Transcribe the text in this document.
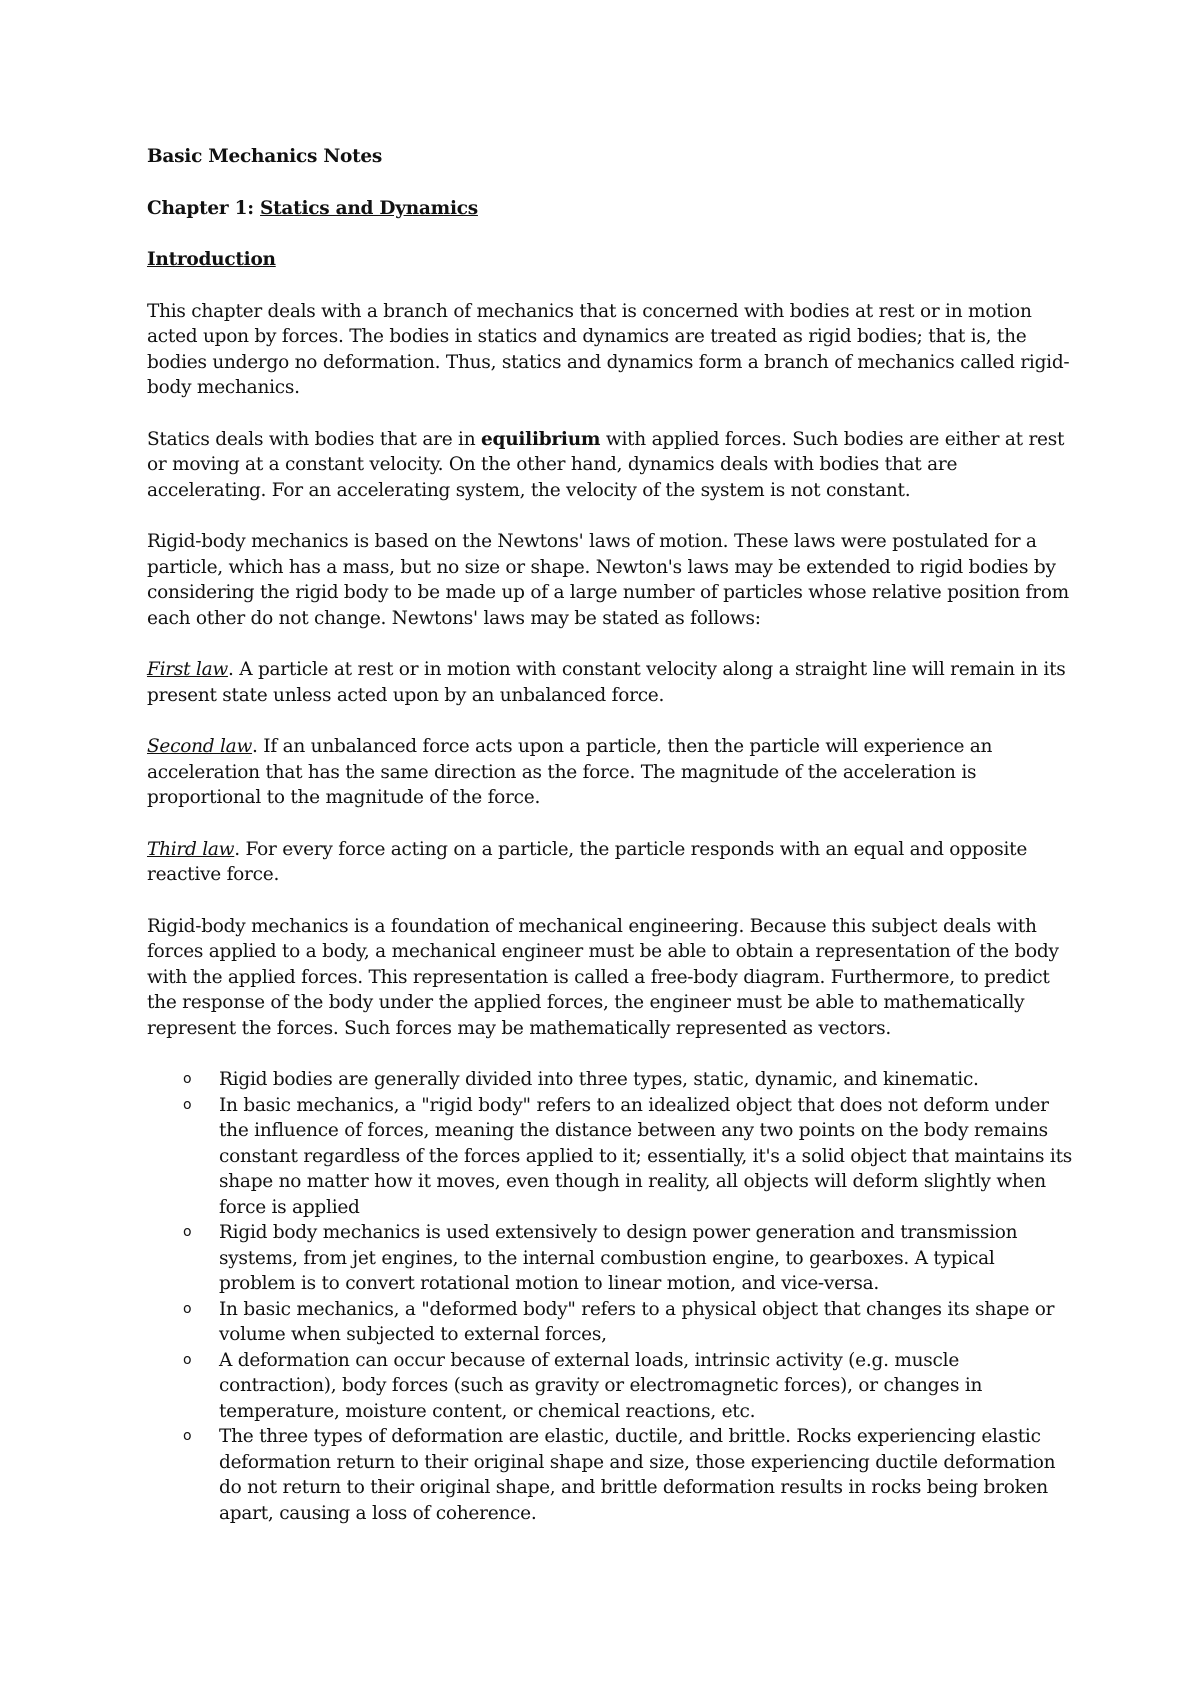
Basic Mechanics Notes
Chapter 1: Statics and Dynamics
Introduction

This chapter deals with a branch of mechanics that is concerned with bodies at rest or in motion acted upon by forces. The bodies in statics and dynamics are treated as rigid bodies; that is, the bodies undergo no deformation. Thus, statics and dynamics form a branch of mechanics called rigid-body mechanics.

Statics deals with bodies that are in equilibrium with applied forces. Such bodies are either at rest or moving at a constant velocity. On the other hand, dynamics deals with bodies that are accelerating. For an accelerating system, the velocity of the system is not constant.

Rigid-body mechanics is based on the Newtons' laws of motion. These laws were postulated for a particle, which has a mass, but no size or shape. Newton's laws may be extended to rigid bodies by considering the rigid body to be made up of a large number of particles whose relative position from each other do not change. Newtons' laws may be stated as follows:

First law. A particle at rest or in motion with constant velocity along a straight line will remain in its present state unless acted upon by an unbalanced force.

Second law. If an unbalanced force acts upon a particle, then the particle will experience an acceleration that has the same direction as the force. The magnitude of the acceleration is proportional to the magnitude of the force.

Third law. For every force acting on a particle, the particle responds with an equal and opposite reactive force.

Rigid-body mechanics is a foundation of mechanical engineering. Because this subject deals with forces applied to a body, a mechanical engineer must be able to obtain a representation of the body with the applied forces. This representation is called a free-body diagram. Furthermore, to predict the response of the body under the applied forces, the engineer must be able to mathematically represent the forces. Such forces may be mathematically represented as vectors.

o Rigid bodies are generally divided into three types, static, dynamic, and kinematic.
o In basic mechanics, a "rigid body" refers to an idealized object that does not deform under the influence of forces, meaning the distance between any two points on the body remains constant regardless of the forces applied to it; essentially, it's a solid object that maintains its shape no matter how it moves, even though in reality, all objects will deform slightly when force is applied
o Rigid body mechanics is used extensively to design power generation and transmission systems, from jet engines, to the internal combustion engine, to gearboxes. A typical problem is to convert rotational motion to linear motion, and vice-versa.
o In basic mechanics, a "deformed body" refers to a physical object that changes its shape or volume when subjected to external forces,
o A deformation can occur because of external loads, intrinsic activity (e.g. muscle contraction), body forces (such as gravity or electromagnetic forces), or changes in temperature, moisture content, or chemical reactions, etc.
o The three types of deformation are elastic, ductile, and brittle. Rocks experiencing elastic deformation return to their original shape and size, those experiencing ductile deformation do not return to their original shape, and brittle deformation results in rocks being broken apart, causing a loss of coherence.
